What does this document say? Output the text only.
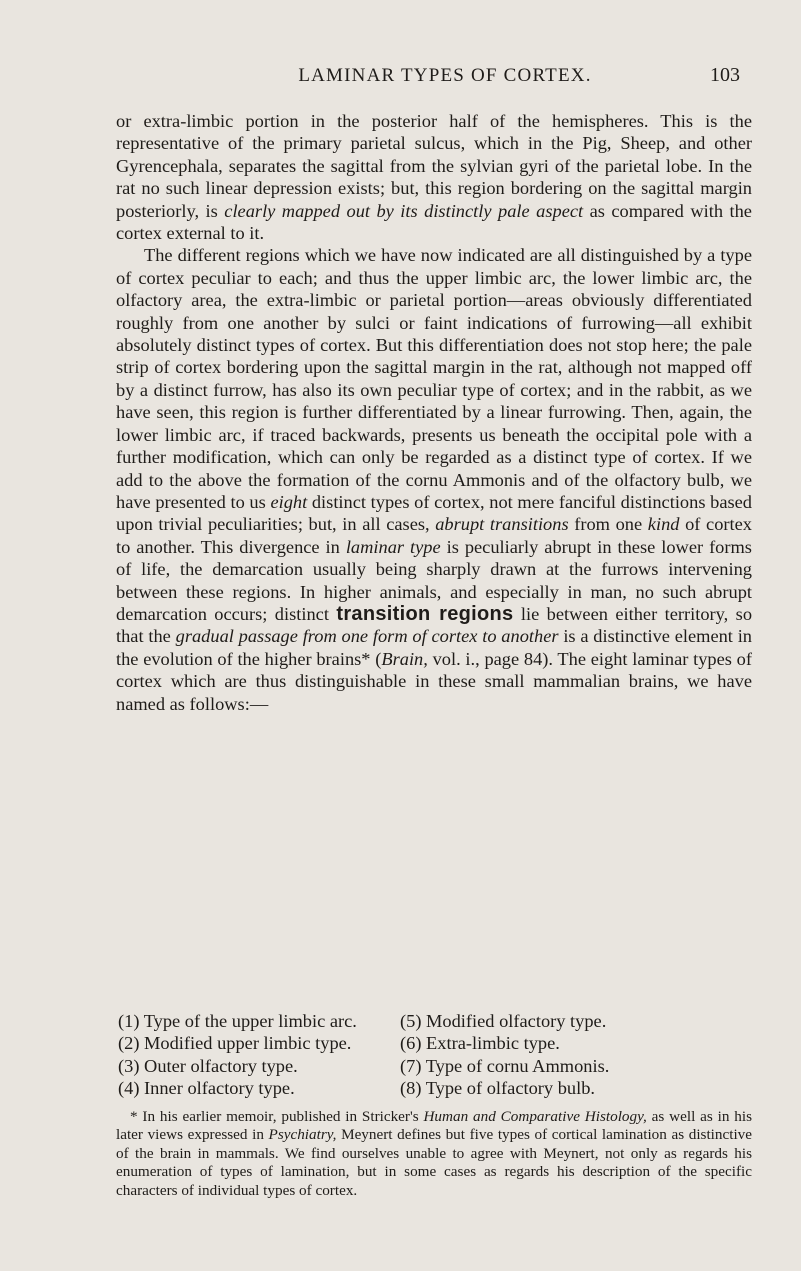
LAMINAR TYPES OF CORTEX.	103

or extra-limbic portion in the posterior half of the hemispheres. This is the representative of the primary parietal sulcus, which in the Pig, Sheep, and other Gyrencephala, separates the sagittal from the sylvian gyri of the parietal lobe. In the rat no such linear depression exists; but, this region bordering on the sagittal margin posteriorly, is clearly mapped out by its distinctly pale aspect as compared with the cortex external to it.

The different regions which we have now indicated are all distinguished by a type of cortex peculiar to each; and thus the upper limbic arc, the lower limbic arc, the olfactory area, the extra-limbic or parietal portion—areas obviously differentiated roughly from one another by sulci or faint indications of furrowing—all exhibit absolutely distinct types of cortex. But this differentiation does not stop here; the pale strip of cortex bordering upon the sagittal margin in the rat, although not mapped off by a distinct furrow, has also its own peculiar type of cortex; and in the rabbit, as we have seen, this region is further differentiated by a linear furrowing. Then, again, the lower limbic arc, if traced backwards, presents us beneath the occipital pole with a further modification, which can only be regarded as a distinct type of cortex. If we add to the above the formation of the cornu Ammonis and of the olfactory bulb, we have presented to us eight distinct types of cortex, not mere fanciful distinctions based upon trivial peculiarities; but, in all cases, abrupt transitions from one kind of cortex to another. This divergence in laminar type is peculiarly abrupt in these lower forms of life, the demarcation usually being sharply drawn at the furrows intervening between these regions. In higher animals, and especially in man, no such abrupt demarcation occurs; distinct transition regions lie between either territory, so that the gradual passage from one form of cortex to another is a distinctive element in the evolution of the higher brains* (Brain, vol. i., page 84). The eight laminar types of cortex which are thus distinguishable in these small mammalian brains, we have named as follows:—

(1) Type of the upper limbic arc.
(2) Modified upper limbic type.
(3) Outer olfactory type.
(4) Inner olfactory type.
(5) Modified olfactory type.
(6) Extra-limbic type.
(7) Type of cornu Ammonis.
(8) Type of olfactory bulb.

* In his earlier memoir, published in Stricker's Human and Comparative Histology, as well as in his later views expressed in Psychiatry, Meynert defines but five types of cortical lamination as distinctive of the brain in mammals. We find ourselves unable to agree with Meynert, not only as regards his enumeration of types of lamination, but in some cases as regards his description of the specific characters of individual types of cortex.
